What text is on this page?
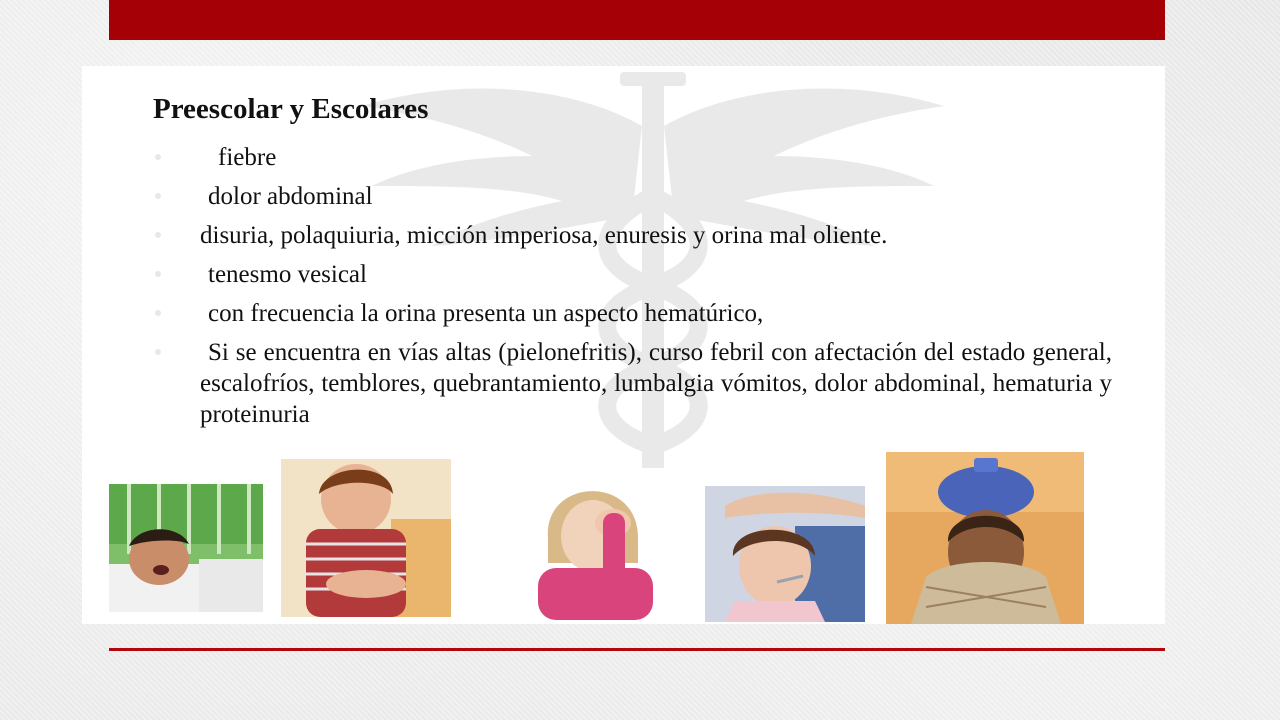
Preescolar y Escolares
fiebre
dolor abdominal
disuria, polaquiuria, micción imperiosa, enuresis y orina mal oliente.
tenesmo vesical
con frecuencia la orina presenta un aspecto hematúrico,
Si se encuentra en vías altas (pielonefritis), curso febril con afectación del estado general, escalofríos, temblores, quebrantamiento, lumbalgia vómitos, dolor abdominal, hematuria y proteinuria
